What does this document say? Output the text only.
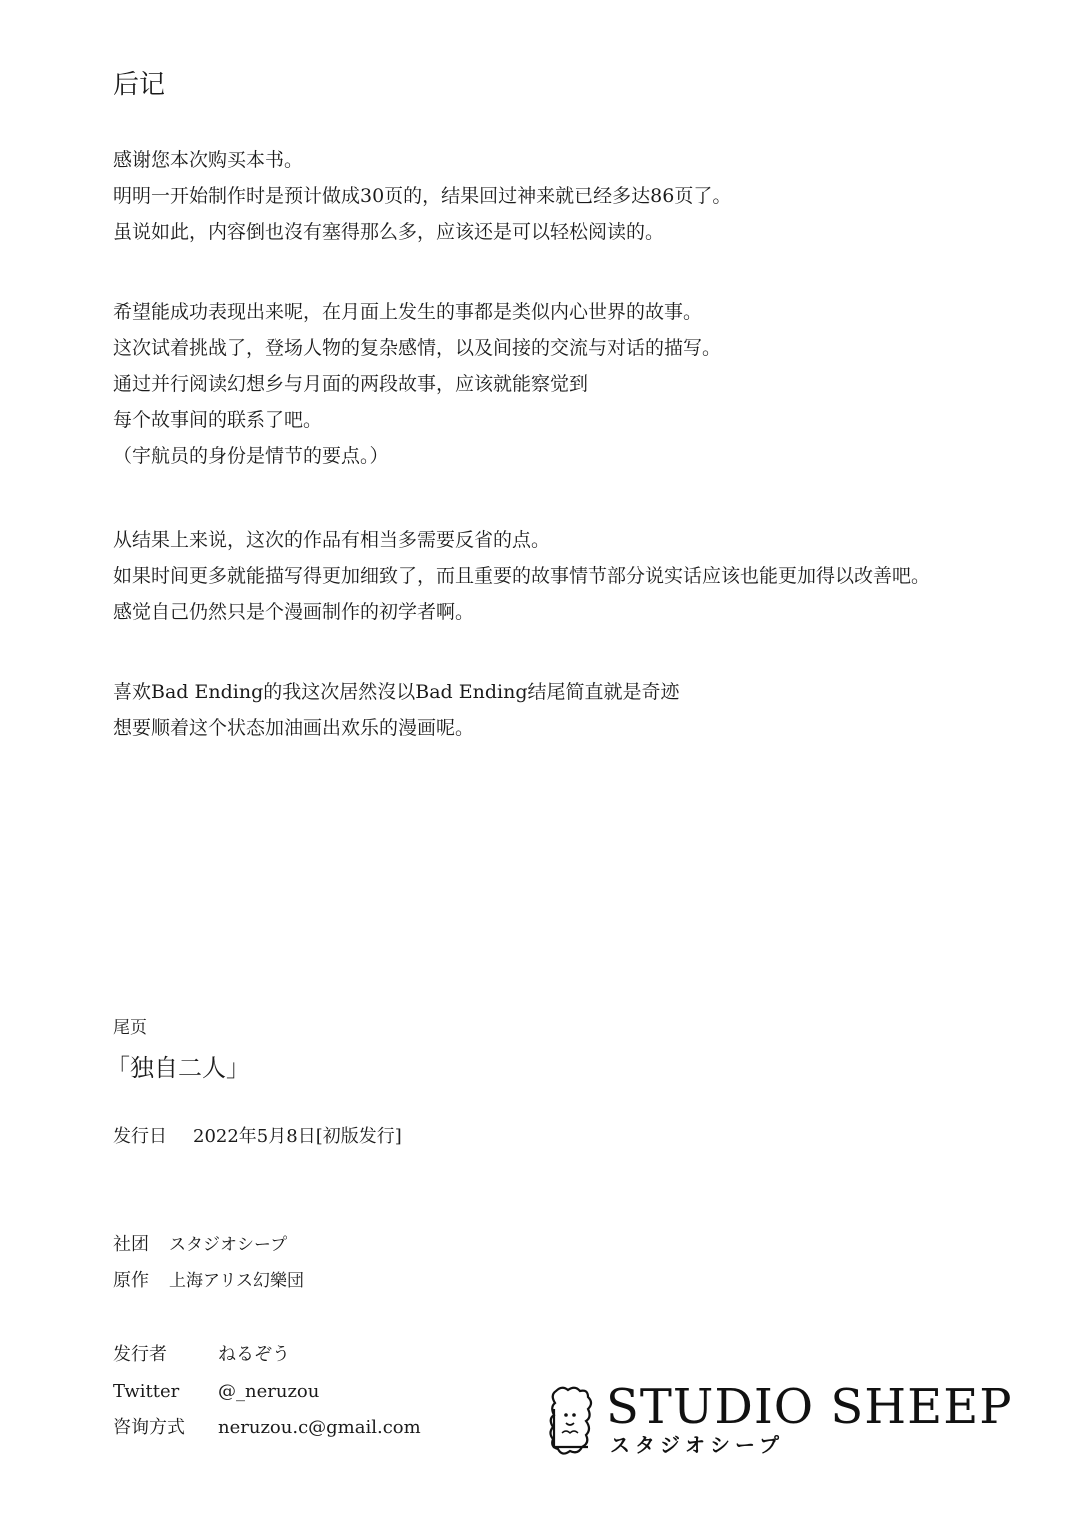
后记
感谢您本次购买本书。
明明一开始制作时是预计做成30页的，结果回过神来就已经多达86页了。
虽说如此，内容倒也沒有塞得那么多，应该还是可以轻松阅读的。
希望能成功表现出来呢，在月面上发生的事都是类似内心世界的故事。
这次试着挑战了，登场人物的复杂感情，以及间接的交流与对话的描写。
通过并行阅读幻想乡与月面的两段故事，应该就能察觉到
每个故事间的联系了吧。
（宇航员的身份是情节的要点。）
从结果上来说，这次的作品有相当多需要反省的点。
如果时间更多就能描写得更加细致了，而且重要的故事情节部分说实话应该也能更加得以改善吧。
感觉自己仍然只是个漫画制作的初学者啊。
喜欢Bad Ending的我这次居然沒以Bad Ending结尾简直就是奇迹
想要顺着这个状态加油画出欢乐的漫画呢。
尾页
「独自二人」
发行日 2022年5月8日[初版发行]
社团 スタジオシープ
原作 上海アリス幻樂団
发行者	ねるぞう
Twitter @_neruzou
咨询方式 neruzou.c@gmail.com	STUDIO SHEEP
スタジオシープ
